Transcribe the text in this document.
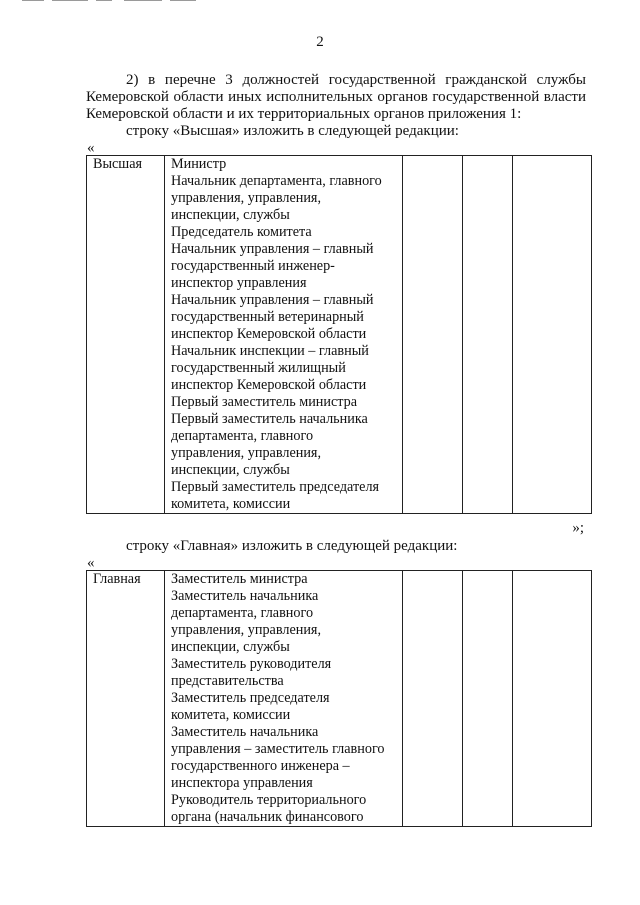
2
2) в перечне 3 должностей государственной гражданской службы Кемеровской области иных исполнительных органов государственной власти Кемеровской области и их территориальных органов приложения 1:
строку «Высшая» изложить в следующей редакции:
«
Высшая	Министр
Начальник департамента, главного
управления, управления,
инспекции, службы
Председатель комитета
Начальник управления – главный
государственный инженер-
инспектор управления
Начальник управления – главный
государственный ветеринарный
инспектор Кемеровской области
Начальник инспекции – главный
государственный жилищный
инспектор Кемеровской области
Первый заместитель министра
Первый заместитель начальника
департамента, главного
управления, управления,
инспекции, службы
Первый заместитель председателя
комитета, комиссии

»;
строку «Главная» изложить в следующей редакции:
«
Главная	Заместитель министра
Заместитель начальника
департамента, главного
управления, управления,
инспекции, службы
Заместитель руководителя
представительства
Заместитель председателя
комитета, комиссии
Заместитель начальника
управления – заместитель главного
государственного инженера –
инспектора управления
Руководитель территориального
органа (начальник финансового
